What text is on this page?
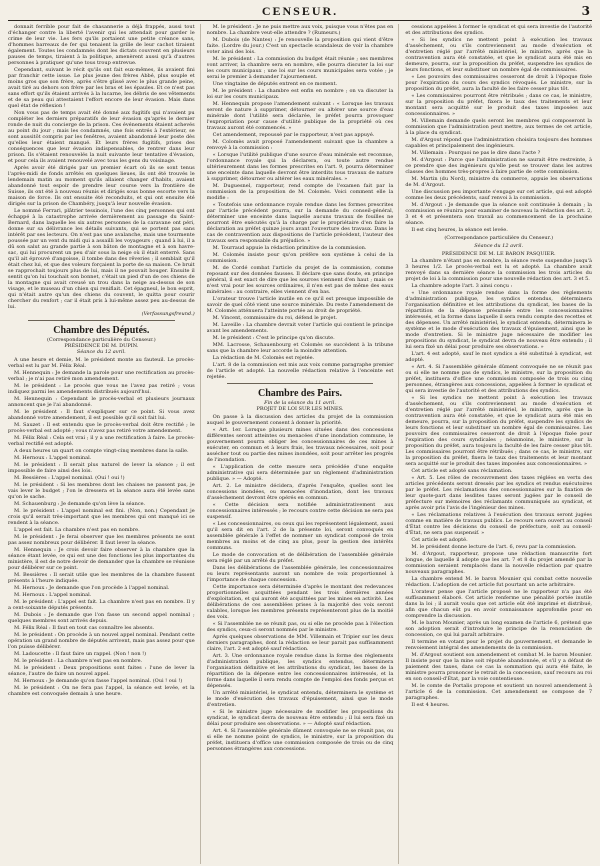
CENSEUR.	3

donnait ferrible pour fait de chasannerie a déjà frappés, aussi tout d'échanger contre la liberté l'avenir qui les attendait pour garder le crime de leur vie. Les fers qu'ils portaient une petite créance sans, d'hommes barreaux de fer qui tenaient la grille de leur cachot tiraient également. Toutes les condamnés dont les dictats couvrent en plusieurs pauses de temps, tiraient à la politique, amenèrent aussi qu'à d'autres personnes à pratiquer qu'une tous troup entrevue.

Cependant, suivant le récit qu'ils ont fait eux-mêmes, ils avaient fini par franchir cette issue. Le plus jeune des frères Abbé, plus souple et moins gros que son frère, après s'être glissé avec le plus grande peine, avait tiré au dehors son frère par les bras et les épaules. Et ce n'est pas sans effort qu'ils étaient arrivés à la lucarne, les débris de ses vêtements et de sa peau qui attestaient l'effort encore de leur évasion. Mais dans quel état de réflexion !

Non vous pas de temps avait été donné aux fugitifs qui n'avaient pu compléter les derniers préparatifs de leur évasion qu'après le dernier ronde de nuit du concierge de la prison. Ces événements étaient achevés au point du jour ; mais les condamnés, une fois entrés à l'extérieur, se sont aussitôt compris par les fenêtres, avaient abandonné leur poste dès qu'elles leur étaient manqué. Et leurs frères fugitifs, prises des conséquences que leur évasion indispensables, de rentrer dans leur prison. Ils s'étaient renouvelés la nuit suivante leur tentative d'évasion, et pour cela ils avaient renouvelé avec tous les gens du voisinage.

Après avoir été dirigés par un premier écart où ils se sont tenus l'après-midi de fonds arrêtés en quelques lieues, ils ont été trouvés le lendemain matin au moment qu'ils allaient changer d'habits, avaient abandonné tout espoir de prendre leur course vers la frontière de Suisse, ils ont été à nouveau réunis et dirigés sous bonne escorte vers la maison de force. Ils ont ensuite été reconduits, et qui ont ensuite été dirigés sur la prison de Chambéry, jusqu'à leur nouvelle évasion.

Le nommé Ferrari, plâtrier tessinois, l'une des cinq personnes qui ont échappé à la catastrophe arrivée dernièrement au passage du Saint-Bernard, dans laquelle les six autres personnes de la caravane ont péri, donne sur sa délivrance les détails suivants, qui se portent pas sans intérêt par ses lecteurs. On n'est pas une avalanche, mais une tourmente poussée par un vent du midi qui a assailli les voyageurs ; quand à lui, il a dû son salut au grande partie à son bâton de montagne et à son havre-sac, qui lui procurent un peu d'air sous la neige où il était enterré. Sans qu'il ait éprouvé d'angoisse, il tombe dans des rêveries ; il semblait qu'il était chez lui, et que des voleurs forçaient la porte de sa maison. Ce bruit se rapprochait toujours plus de lui, mais il ne pouvait bouger. Ensuite il sentit qu'on lui touchait son bonnet, c'était un pied d'un de ces chiens de la montagne qui avait creusé un trou dans la neige au-dessus de son visage, et le museau d'un chien qui reniflait. Cet épagneul, le bon esprit, qui n'était autre qu'un des chiens du couvent, le quitta pour courir chercher du renfort ; car il était pris à lui-même assez peu au-dessus de lui.

(Verfassungsfreund.)
Chambre des Députés.
(Correspondance particulière du Censeur.)
PRÉSIDENCE DE M. DUPIN.
Séance du 12 avril.

A une heure et demie, M. le président monte au fauteuil. Le procès-verbal est lu par M. Félix Réal.

M. Hennequin : Je demande la parole pour une rectification au procès-verbal ; je n'ai pas retiré mon amendement.

M. le président : Le procès que vous ne l'avez pas retiré ; vous indiquez parmi les amendements distribués aujourd'hui.

M. Hennequin : Cependant le procès-verbal et plusieurs journaux annoncent que je l'ai abandonné.

M. le président : Il faut s'expliquer sur ce point. Si vous avez abandonné votre amendement, il est possible qu'il soit fait lui.

M. Sauzet : Il est entendu que le procès-verbal doit être rectifié ; le procès-verbal est adopté ; vous n'avez pas retiré votre amendement.

M. Félix Réal : Cela est vrai ; il y a une rectification à faire. Le procès-verbal rectifié est adopté.

A deux heures un quart on compte vingt-cinq membres dans la salle.

M. Hernoux : L'appel nominal.

M. le président : Il serait plus naturel de lever la séance ; il est impossible de faire ainsi des lois.

M. Bessières : L'appel nominal. (Oui ! oui !)

M. le président : Si les membres dont les chaises ne passent pas, je vais lever le budget ; l'on le dressera et la séance aura été levée sans qu'on le sache.

M. Schauenburg : Je demande qu'on lève la séance.

M. le président : L'appel nominal est fini. (Non, non.) Cependant je crois qu'il serait très-important que les membres qui ont manqué ici se rendent à la séance.

L'appel est fait. La chambre n'est pas en nombre.

M. le président : Je ferai observer que les membres présents ne sont pas assez nombreux pour délibérer. Il faut lever la séance.

M. Hennequin : Je crois devoir faire observer à la chambre que la séance étant levée, ce qui est une des fonctions les plus importantes du ministère, il est de notre devoir de demander que la chambre se réunisse pour délibérer sur ce point.

M. Bessières : Il serait utile que les membres de la chambre fussent présents à l'heure indiquée.

M. Hernoux : Je demande que l'on procède à l'appel nominal.

M. Hernoux : L'appel nominal.

M. le président : L'appel est fait. La chambre n'est pas en nombre. Il y a cent-soixante députés présents.

M. Dubois : Je demande que l'on fasse un second appel nominal ; quelques membres sont arrivés depuis.

M. Félix Réal : Il faut en tout cas connaître les absents.

M. le président : On procède à un nouvel appel nominal. Pendant cette opération un grand nombre de députés arrivent, mais pas assez pour que l'on puisse délibérer.

M. Ladoucette : Il faut faire un rappel. (Non ! non !)

M. le président : La chambre n'est pas en nombre.

M. le président : Deux propositions sont faites : l'une de lever la séance, l'autre de faire un nouvel appel.

M. Hernoux : Je demande qu'on fasse l'appel nominal. (Oui ! oui !)

M. le président : On ne fera pas l'appel, la séance est levée, et la chambre est convoquée demain à une heure.

M. le président : Je ne puis mettre aux voix, puisque vous n'êtes pas en nombre. La chambre veut-elle attendre ? (Rumeurs.)

M. Dubois (de Nantes) : Je renouvelle la proposition qui vient d'être faite. (Lordre du jour.) C'est un spectacle scandaleux de voir la chambre voter ainsi des lois.

M. le président : La commission du budget était réunie ; ses membres vont arriver, la chambre sera en nombre, elle pourra discuter la loi sur les cours municipaux ; une loi sur les cours municipales sera votée ; je serai le premier à demander l'ajournement.

Une vingtaine de députés entrent en ce moment.

M. le président : La chambre est enfin en nombre ; on va discuter la loi sur les cours municipaux.

M. Hennequin propose l'amendement suivant : « Lorsque les travaux seront de nature à supprimer, détourner ou altérer une source d'eau minérale dont l'utilité sera déclarée, le préfet pourra provoquer l'expropriation pour cause d'utilité publique de la propriété où ces travaux auront été commencés. »

Cet amendement, repoussé par le rapporteur, n'est pas appuyé.

M. Colomès avait proposé l'amendement suivant que la chambre a renvoyé à la commission :

« Lorsque l'utilité publique d'une source d'eau minérale est reconnue, l'ordonnance royale qui la déclarera, ou toute autre rendue ultérieurement dans les formes prescrites en l'art. 9, pourra déterminer une enceinte dans laquelle devront être interdits tous travaux de nature à supprimer, détourner ou altérer les eaux minérales. »

M. Duguesnel, rapporteur, rend compte de l'examen fait par la commission de la proposition de M. Colomès. Voici comment elle la modifie :

« Toutefois une ordonnance royale rendue dans les formes prescrites par l'article précédent pourra, sur la demande du conseil-général, déterminer une enceinte dans laquelle aucuns travaux de fouilles ne pourront être exécutés qu'à la charge par le propriétaire d'en faire la déclaration au préfet quinze jours avant l'ouverture des travaux. Dans le cas de contravention aux dispositions de l'article précédent, l'auteur des travaux sera responsable du préjudice. »

M. Tourraud appuie la rédaction primitive de la commission.

M. Colomès insiste pour qu'on préfère son système à celui de la commission.

M. de Cordé combat l'article du projet de la commission, comme reposant sur des données fausses. Il déclare que sans doute, en principe général, il est exact de dire que les sources viennent d'en haut ; mais ce n'est vrai pour les sources ordinaires, il n'en est pas de même des eaux minérales : au contraire, elles viennent d'en bas.

L'orateur trouve l'article inutile en ce qu'il est presque impossible de savoir de quel côté vient une source minérale. Du reste l'amendement de M. Colomès atténuera l'atteinte portée au droit de propriété.

M. Vincent, commissaire du roi, défend le projet.

M. Laveille : La chambre devrait voter l'article qui contient le principe avant les amendements.

M. le président : C'est le principe qu'on discute.

MM. Lacrosse, Schauenbourg et Colomès se succèdent à la tribune sans que la chambre leur accorde la moindre attention.

La rédaction de M. Colomès est rejetée.

L'art. 8 de la commission est mis aux voix comme paragraphe premier de l'article et adopté. La nouvelle rédaction relative à l'enceinte est rejetée.

Chambre des Pairs.
Fin de la séance du 11 avril.
PROJET DE LOI SUR LES MINES.

On passe à la discussion des articles du projet de la commission auquel le gouvernement consent à donner la priorité.

« Art. 1er. Lorsque plusieurs mines situées dans des concessions différentes seront atteintes ou menacées d'une inondation commune, le gouvernement pourra obliger les concessionnaires de ces mines à exécuter, en commun et à leurs frais, les travaux nécessaires, soit pour assécher tout ou partie des mines inondées, soit pour arrêter les progrès de l'inondation.

« L'application de cette mesure sera précédée d'une enquête administrative qui sera déterminée par un règlement d'administration publique. » — Adopté.

Art. 2. Le ministre décidera, d'après l'enquête, quelles sont les concessions inondées, ou menacées d'inondation, dont les travaux d'assèchement devront être opérés en commun.

« Cette décision sera notifiée administrativement aux concessionnaires intéressés ; le recours contre cette décision ne sera pas suspensif.

« Les concessionnaires, ou ceux qui les représentent légalement, aussi qu'il sera dit en l'art. 2 de la présente loi, seront convoqués en assemblée générale à l'effet de nommer un syndicat composé de trois membres au moins et de cinq au plus, pour la gestion des intérêts communs.

Le mode de convocation et de délibération de l'assemblée générale sera réglé par un arrêté du préfet.

Dans les délibérations de l'assemblée générale, les concessionnaires ou leurs représentants auront un nombre de voix proportionnel à l'importance de chaque concession.

Cette importance sera déterminée d'après le montant des redevances proportionnelles acquittées pendant les trois dernières années d'exploitation, et qui auront été acquittées par les mines en activité. Les délibérations de ces assemblées prises à la majorité des voix seront valables, lorsque les membres présents représenteront plus de la moitié des voix.

« Si l'assemblée ne se réunit pas, ou si elle ne procède pas à l'élection des syndics, ceux-ci seront nommés par le ministre.

Après quelques observations de MM. Villemain et Tripier sur les deux derniers paragraphes, dont la rédaction se leur parait pas suffisamment claire, l'art. 2 est adopté sauf rédaction.

Art. 3. Une ordonnance royale rendue dans la forme des règlements d'administration publique, les syndics entendus, déterminera l'organisation définitive et les attributions du syndicat, les bases de la répartition de la dépense entre les concessionnaires intéressés, et la forme dans laquelle il sera rendu compte de l'emploi des fonds perçus et dépensés.

Un arrêté ministériel, le syndicat entendu, déterminera le système et le mode d'exécution des travaux d'épuisement, ainsi que le mode d'entretien.

« Si le ministre juge nécessaire de modifier les propositions du syndicat, le syndicat devra de nouveau être entendu ; il lui sera fixé un délai pour produire ses observations. » — Adopté sauf rédaction.

Art. 4. Si l'assemblée générale dûment convoquée ne se réunit pas, ou si elle ne nomme point de syndics, le ministre, sur la proposition du préfet, instituera d'office une commission composée de trois ou de cinq personnes étrangères aux concessions.

cessions appelées à former le syndicat et qui sera investie de l'autorité et des attributions des syndics.

« Si les syndics ne mettent point à exécution les travaux d'assèchement, ou s'ils contreviennent au mode d'exécution et d'entretien réglé par l'arrêté ministériel, le ministre, après que la contravention aura été constatée, et que le syndicat aura été mis en demeure, pourra, sur la proposition du préfet, suspendre les syndics de leurs fonctions, et leur substituer un nombre égal de commissaires.

« Les pouvoirs des commissaires cesseront de droit à l'époque fixée pour l'expiration du cours des syndics révoqués. Le ministre, sur la proposition du préfet, aura la faculté de les faire cesser plus tôt.

« Les commissaires pourront être rétribués ; dans ce cas, le ministre, sur la proposition du préfet, fixera le taux des traitements et leur montant sera acquitté sur le produit des taxes imposées aux concessionnaires. »

M. Villemain demande quels seront les membres qui composeront la commission que l'administration peut mettre, aux termes de cet article, à la place du syndicat.

M. d'Argout répond que l'administration choisira toujours des hommes capables et principalement des ingénieurs.

M. Villemain : Pourquoi ne pas le dire dans l'acte ?

M. d'Argout : Parce que l'administration ne saurait être restreinte, à ce prendre que des ingénieurs qu'elle peut se trouver dans les autres classes des hommes très-propres à faire partie de cette commission.

M. Martin (du Nord), ministre du commerce, appuie les observations de M. d'Argout.

Une discussion peu importante s'engage sur cet article, qui est adopté comme les deux précédents, sauf renvoi à la commission.

M. d'Argout : Je demande que la séance soit continuée à demain ; la commission se réunira pour examiner de nouveau la rédaction des art. 2, 3 et 4 et présentera son travail au commencement de la prochaine séance.

Il est cinq heures, la séance est levée.

(Correspondance particulière du Censeur.)
Séance du 12 avril.
PRÉSIDENCE DE M. LE BARON PASQUIER.

La chambre n'étant pas en nombre, la séance reste suspendue jusqu'à 3 heures 1/2. Le procès-verbal est lu et adopté. La chambre avait renvoyé dans sa dernière séance la commission les trois articles du projet de loi à la commission pour une nouvelle rédaction des art. 3 et 5.

La chambre adopte l'art. 3 ainsi conçu :

« Une ordonnance royale rendue dans la forme des règlements d'administration publique, les syndics entendus, déterminera l'organisation définitive et les attributions du syndicat, les bases de la répartition de la dépense présumée entre les concessionnaires intéressés, et la forme dans laquelle il sera rendu compte des recettes et des dépenses. Un arrêté ministériel, le syndicat entendu, déterminera le système et le mode d'exécution des travaux d'épuisement, ainsi que le mode d'entretien. Si le ministre juge nécessaire de modifier les propositions du syndicat, le syndicat devra de nouveau être entendu ; il lui sera fixé un délai pour produire ses observations. »

L'art. 4 est adopté, sauf le mot syndics a été substitué à syndicat, est adopté.

« Art. 4. Si l'assemblée générale dûment convoquée ne se réunit pas ou si elle ne nomme pas de syndics, le ministre, sur la proposition du préfet, instituera d'office une commission composée de trois ou cinq personnes, étrangères aux concessions, appelées à former le syndicat et qui sera investie de l'autorité et des attributions des syndics.

« Si les syndics ne mettent point à exécution les travaux d'assèchement, ou s'ils contreviennent au mode d'exécution et d'entretien réglé par l'arrêté ministériel, le ministre, après que la contravention aura été constatée, et que le syndicat aura été mis en demeure, pourra, sur la proposition du préfet, suspendre les syndics de leurs fonctions et leur substituer un nombre égal de commissaires. Les pouvoirs des commissaires cesseront de droit à l'époque fixée pour l'expiration des cours syndicales ; néanmoins, le ministre, sur la proposition du préfet, aura toujours la faculté de les faire cesser plus tôt. Les commissaires pourront être rétribués ; dans ce cas, le ministre, sur la proposition du préfet, fixera le taux des traitements et leur montant sera acquitté sur le produit des taxes imposées aux concessionnaires. »

Cet article est adopté sans réclamation.

« Art. 5. Les rôles de recouvrement des taxes réglées en vertu des articles précédents seront dressés par les syndics et rendus exécutoires par le préfet. Les réclamations des concessionnaires sur la fixation de leur quote-part dans lesdites taxes seront jugées par le conseil de préfecture sur mémoires des réclamants communiqués au syndicat, et après avoir pris l'avis de l'ingénieur des mines.

« Les réclamations relatives à l'exécution des travaux seront jugées comme en matière de travaux publics. Le recours sera ouvert au conseil d'État contre les décisions du conseil de préfecture, soit au conseil-d'État, ne sera pas suspensif. »

Cet article est adopté.

M. le président donne lecture de l'art. 6, revu par la commission.

M. d'Argout, rapporteur, propose une rédaction manuscrite fort longue, de laquelle il adopte que les art. 7 et 8 du projet amendé par la commission seraient remplacés dans la nouvelle rédaction par quatre nouveaux paragraphes.

La chambre entend M. le baron Mounier qui combat cette nouvelle rédaction. L'adoption de cet article fut pourtant un acte arbitraire.

L'orateur pense que l'article proposé ne le rapporteur n'a pas été suffisamment élaboré. Cet article renferme une pénalité portée inutile dans la loi ; il aurait voulu que cet article eût été imprimé et distribué, afin que chacun eût pu en avoir connaissance approfondie pour en comprendre la discussion.

M. le baron Mounier, après un long examen de l'article 6, prétend que son adoption serait d'introduire le principe de la renonciation de concession, ce qui lui paraît arbitraire.

Il termine en votant pour le projet du gouvernement, et demande le renvoiement intégral des amendements de la commission.

M. d'Argout soutient son amendement et combat M. le baron Mounier. Il insiste pour que la mine soit réputée abandonnée, et s'il y a défaut de paiement des taxes, dans ce cas la sommation qui aura été faite, le ministre pourra prononcer le retrait de la concession, sauf recours au roi en son conseil-d'État, par la voie contentieuse.

M. le comte de Portalis propose et soutient un nouvel amendement à l'article 6 de la commission. Cet amendement se compose de 7 paragraphes.

Il est 4 heures.
